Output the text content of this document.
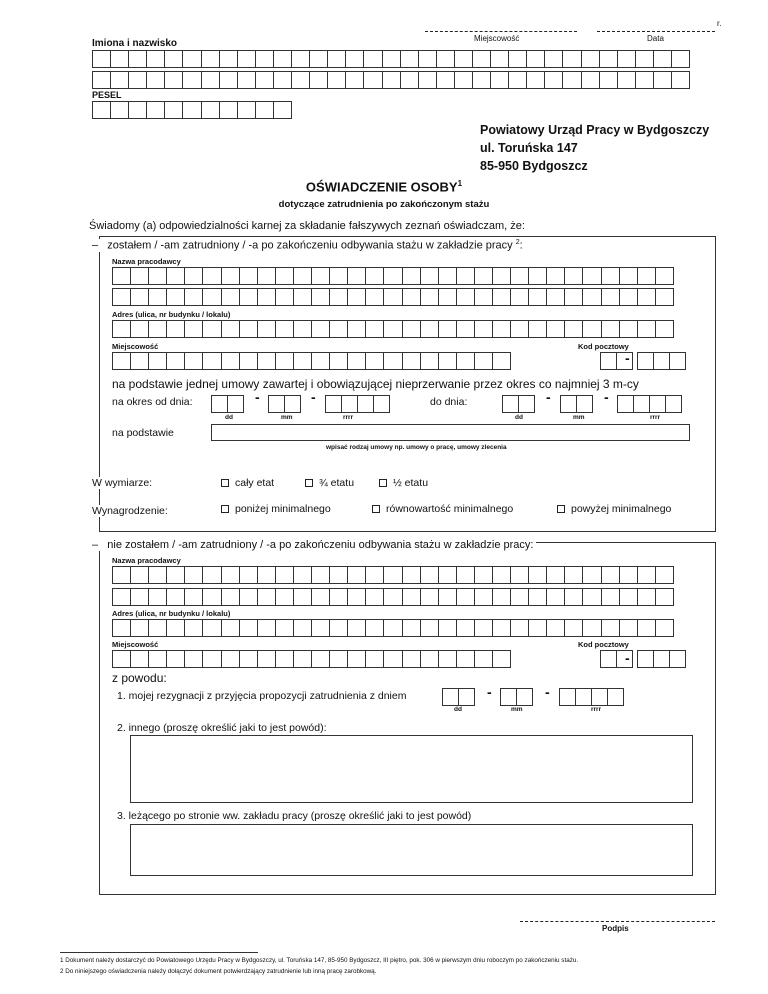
r.
Miejscowość	Data
Imiona i nazwisko
PESEL
Powiatowy Urząd Pracy w Bydgoszczy
ul. Toruńska 147
85-950 Bydgoszcz
OŚWIADCZENIE OSOBY$^1$
dotyczące zatrudnienia po zakończonym stażu
Świadomy (a) odpowiedzialności karnej za składanie fałszywych zeznań oświadczam, że:
– zostałem / -am zatrudniony / -a po zakończeniu odbywania stażu w zakładzie pracy $^2$:
Nazwa pracodawcy
Adres (ulica, nr budynku / lokalu)
Miejscowość	Kod pocztowy
-
na podstawie jednej umowy zawartej i obowiązującej nieprzerwanie przez okres co najmniej 3 m-cy
na okres od dnia:	-	-
dd	mm	rrrr
do dnia:	-	-
dd	mm	rrrr
na podstawie
wpisać rodzaj umowy np. umowy o pracę, umowy zlecenia
W wymiarze:	cały etat	¾ etatu	½ etatu
Wynagrodzenie:	poniżej minimalnego	równowartość minimalnego	powyżej minimalnego
– nie zostałem / -am zatrudniony / -a po zakończeniu odbywania stażu w zakładzie pracy:
Nazwa pracodawcy
Adres (ulica, nr budynku / lokalu)
Miejscowość	Kod pocztowy
-
z powodu:
1. mojej rezygnacji z przyjęcia propozycji zatrudnienia z dniem	-	-
dd	mm	rrrr
2. innego (proszę określić jaki to jest powód):
3. leżącego po stronie ww. zakładu pracy (proszę określić jaki to jest powód)
Podpis
1 Dokument należy dostarczyć do Powiatowego Urzędu Pracy w Bydgoszczy, ul. Toruńska 147, 85-950 Bydgoszcz, III piętro, pok. 306 w pierwszym dniu roboczym po zakończeniu stażu.
2 Do niniejszego oświadczenia należy dołączyć dokument potwierdzający zatrudnienie lub inną pracę zarobkową.
